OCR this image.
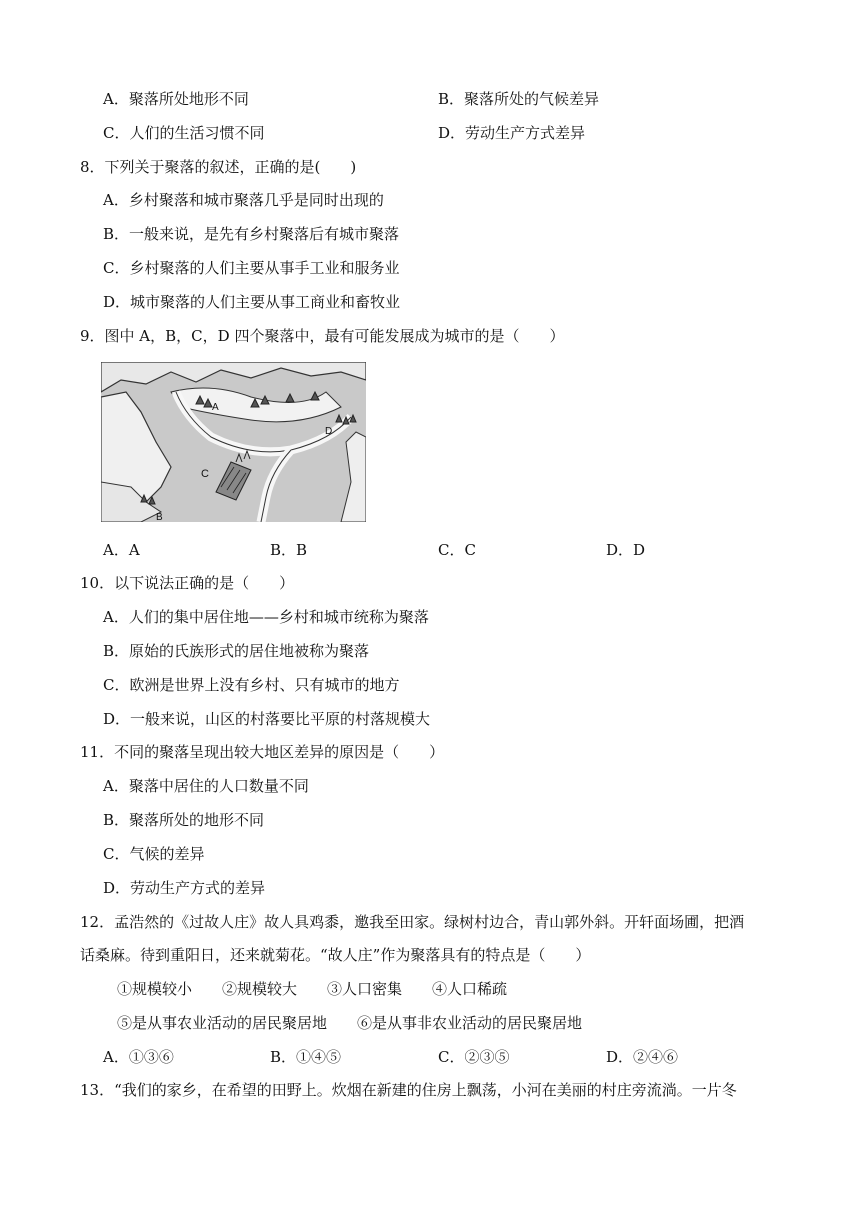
A．聚落所处地形不同	B．聚落所处的气候差异
C．人们的生活习惯不同	D．劳动生产方式差异
8．下列关于聚落的叙述，正确的是(　　)
A．乡村聚落和城市聚落几乎是同时出现的
B．一般来说，是先有乡村聚落后有城市聚落
C．乡村聚落的人们主要从事手工业和服务业
D．城市聚落的人们主要从事工商业和畜牧业
9．图中 A，B，C，D 四个聚落中，最有可能发展成为城市的是（　　）
A
B
C
D
A．A	B．B	C．C	D．D
10．以下说法正确的是（　　）
A．人们的集中居住地——乡村和城市统称为聚落
B．原始的氏族形式的居住地被称为聚落
C．欧洲是世界上没有乡村、只有城市的地方
D．一般来说，山区的村落要比平原的村落规模大
11．不同的聚落呈现出较大地区差异的原因是（　　）
A．聚落中居住的人口数量不同
B．聚落所处的地形不同
C．气候的差异
D．劳动生产方式的差异
12．孟浩然的《过故人庄》故人具鸡黍，邀我至田家。绿树村边合，青山郭外斜。开轩面场圃，把酒
话桑麻。待到重阳日，还来就菊花。“故人庄”作为聚落具有的特点是（　　）
①规模较小　　②规模较大　　③人口密集　　④人口稀疏
⑤是从事农业活动的居民聚居地　　⑥是从事非农业活动的居民聚居地
A．①③⑥	B．①④⑤	C．②③⑤	D．②④⑥
13．“我们的家乡，在希望的田野上。炊烟在新建的住房上飘荡，小河在美丽的村庄旁流淌。一片冬
